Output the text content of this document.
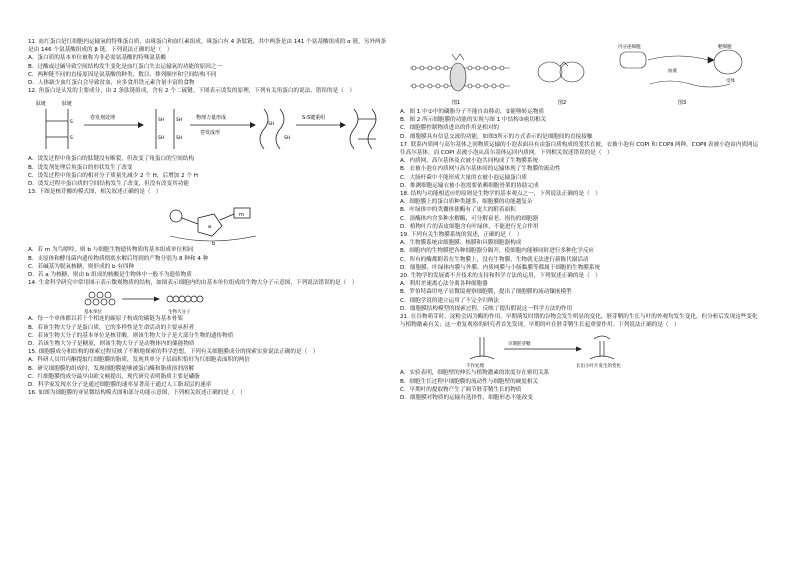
11. 血红蛋白是红细胞内运输氧的特殊蛋白质，由珠蛋白和血红素组成。珠蛋白有 4 条肽链，其中两条是由 141 个氨基酸组成的 α 链，另外两条是由 146 个氨基酸组成的 β 链。下列说法正确的是（　）

A．蛋白质的基本单位被称为非必需氨基酸的特殊氨基酸

B．过酸或过碱导致空间结构发生变化是血红蛋白失去运输氧的功能的原因之一

C．两种链不同的直接原因是氨基酸的种类、数目、排列顺序和空间结构不同

D．人体缺少血红蛋白会导致贫血，应多食用铁元素含量丰富的食物

12. 角蛋白是头发的主要成分，由 2 条肽链组成，含有 2 个二硫键。下图表示烫发的原理，下列有关角蛋白的说法，错误的是（　）

肽链	肽链
S
S
卷发剂处理	SH
SH
SH
SH
物理力量形成
卷发成形
SH
SH
S-S键重组

A．烫发过程中角蛋白的肽键没有断裂，但改变了角蛋白的空间结构

B．烫发剂处理后角蛋白的形状发生了改变

C．烫发过程中角蛋白的相对分子质量先减少 2 个 H，后增加 2 个 H

D．烫发过程中蛋白质的空间结构发生了改变，但没有改变其功能

13. 下图是核苷酸的模式图，相关叙述正确的是（　）

m
a
b

A．若 m 为鸟嘌呤，则 b 与细胞生物遗传物质的基本组成单位相同

B．支原体和酵母菌内遗传物质彻底水解后得到的产物分别为 8 种和 4 种

C．若碱基为脱氧核糖，则形成的 b 有四种

D．若 a 为核糖，则由 b 组成的核酸是生物体中一般不为遗传物质

14. 生命科学研究中常用图示表示微观物质的结构，如图表示细胞内的由基本单位组成的生物大分子示意图，下列说法错误的是（　）

基本单位	生物大分子

A．每一个单体都以若干个相连的碳原子构成的碳链为基本骨架

B．若该生物大分子是蛋白质，它的多样性是生命活动的主要承担者

C．若该生物大分子的基本单位是核苷酸，则该生物大分子是大部分生物的遗传物质

D．若该生物大分子是糖原，则该生物大分子是动物体内的储能物质

15. 细胞膜成分和结构的探索过程反映了不断地探索的科学思想。下列有关细胞膜成分的探索实验说法正确的是（　）

A．科研人员用丙酮提取红细胞膜的脂质，发现其单分子层面积恰好为红细胞表面积的两倍

B．研究细胞膜的组成时，发现细胞膜能够被蛋白酶和脂质溶剂溶解

C．红细胞膜的成分最早由欧文顿提出，现代研究表明脂质主要是磷脂

D．科学家发现水分子是通过细胞膜的速率显著高于通过人工脂双层的速率

16. 如图为细胞膜的亚显微结构模式图和部分功能示意图，下列相关叙述正确的是（　）

图1	图2
内分泌细胞	靶细胞
血液
受体
图3

A．图 1 中①中的磷脂分子不能自由移动，②能够转运物质

B．图 2 所示细胞膜的功能的实现与图 1 中结构③密切相关

C．细胞膜控制物质进出的作用是相对的

D．细胞膜具有信息交流的功能，如图3所示的方式表示的是细胞间的直接接触

17. 联系内质网与高尔基体之间物质运输的小泡表面具有由蛋白质构成的笼状衣被，衣被小泡有 COPⅠ 和 COPⅡ 两种。COPⅡ 表被小泡由内质网运往高尔基体，而 COPⅠ 表被小泡从高尔基体运回内质网。下列相关叙述错误的是（　）

A．内质网、高尔基体及衣被小泡共同构成了生物膜系统

B．衣被小泡在内质网与高尔基体间的运输体现了生物膜的流动性

C．大肠杆菌中不能形成大量的衣被小泡运输蛋白质

D．推测细胞运输衣被小泡需要依赖细胞骨架的协助完成

18. 结构与功能相适应的原则是生物学的基本观点之一，下列说法正确的是（　）

A．细胞膜上的蛋白质种类越多，细胞膜的功能越复杂

B．叶绿体中的类囊体使酶有了更大的附着面积

C．溶酶体内含多种水解酶，可分解衰老、损伤的细胞器

D．植物叶片的表皮细胞含有叶绿体，不能进行光合作用

19. 下列有关生物膜系统的叙述，正确的是（　）

A．生物膜系统由细胞膜、核膜和具膜细胞器构成

B．细胞内的生物膜把各种细胞器分隔开，使细胞内能够同时进行多种化学反应

C．所有的酶都附着在生物膜上，没有生物膜，生物就无法进行新陈代谢活动

D．细胞膜、叶绿体内膜与外膜、内质网膜与小肠黏膜等都属于细胞的生物膜系统

20. 生物学的发展离不开技术的支持和科学方法的运用，下列叙述正确的是（　）

A．利用差速离心法分离各种细胞器

B．罗伯特森用电子显微镜观察细胞膜，提出了细胞膜的流动镶嵌模型

C．细胞学说的建立运用了不完全归纳法

D．细胞膜结构模型的探索过程，反映了提出假说这一科学方法的作用

21. 在谷物萌芽时，淀粉会因为酶的作用，早期萌发时期的谷物会发生明显的变化，胚芽鞘的生长与叶的外观均发生变化，但分析后发现这些变化与植物激素有关；这一重复观察的研究者首先发现，早期的叶在胚芽鞘生长起重要作用。下列说法正确的是（　）

早期胚芽鞘
不作处理	长出小叶片发生的变化

A．实验表明，细胞壁的伸长与植物激素的浓度存在密切关系

B．细胞生长过程中细胞膜的流动性与细胞壁的硬度相关

C．早期叶的提取物产生了调节胚芽鞘生长的物质

D．细胞膜对物质的运输有选择性，细胞形态不能改变
